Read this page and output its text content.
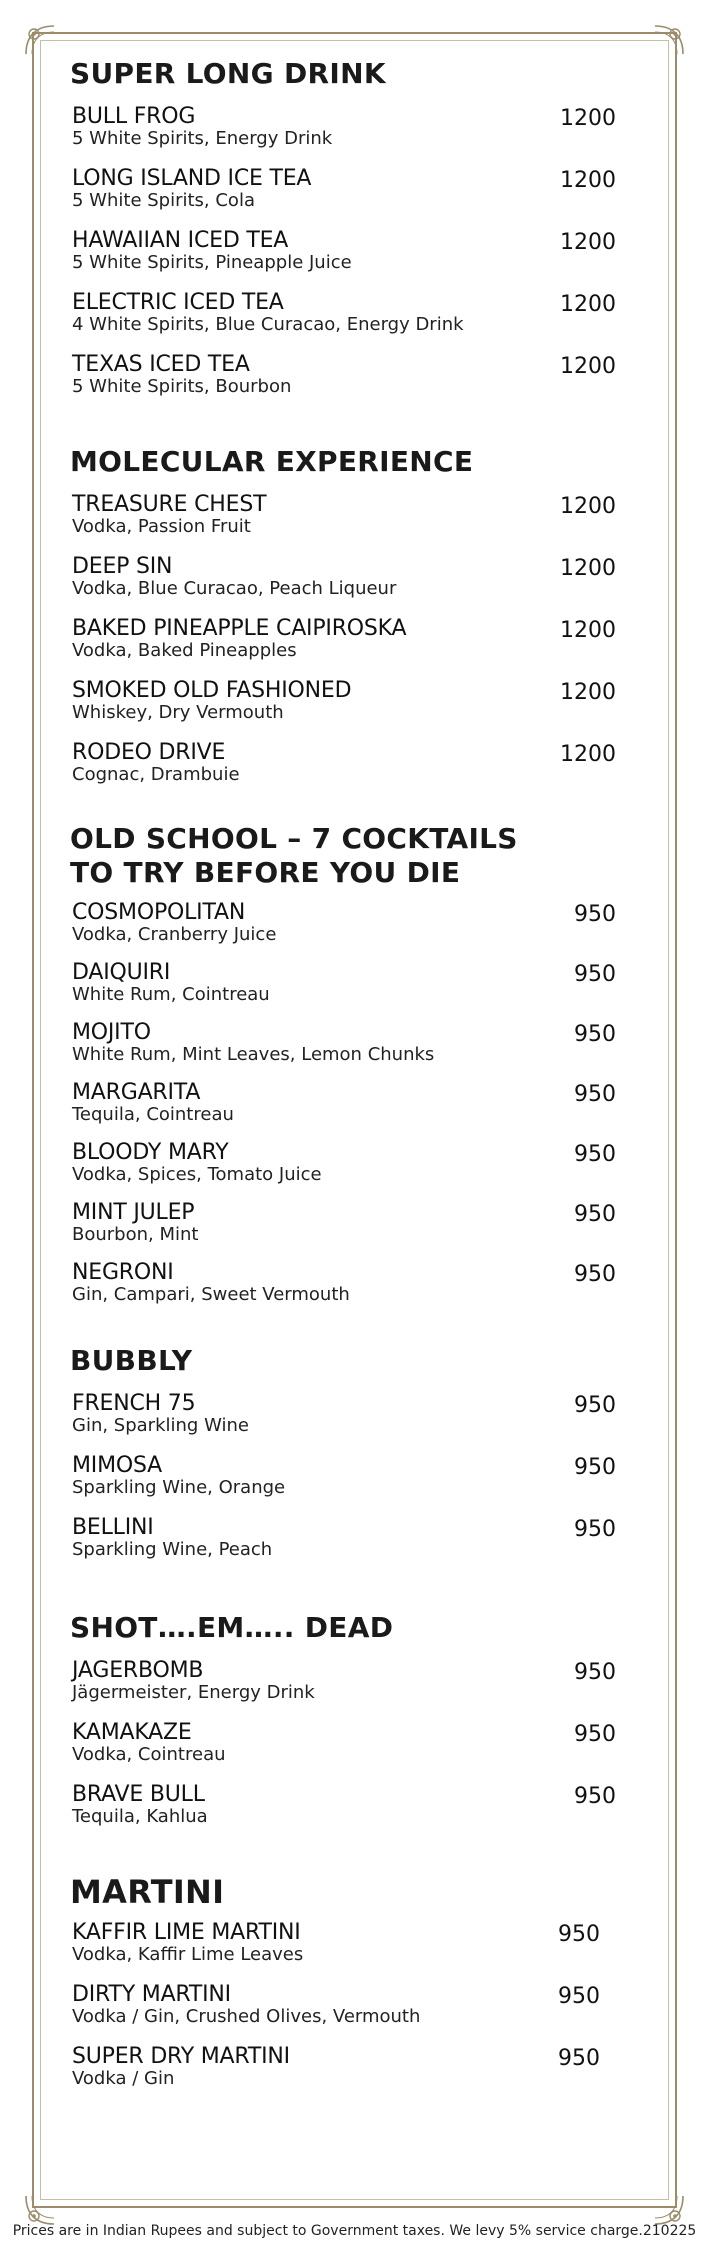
SUPER LONG DRINK
BULL FROG
5 White Spirits, Energy Drink
1200
LONG ISLAND ICE TEA
5 White Spirits, Cola
1200
HAWAIIAN ICED TEA
5 White Spirits, Pineapple Juice
1200
ELECTRIC ICED TEA
4 White Spirits, Blue Curacao, Energy Drink
1200
TEXAS ICED TEA
5 White Spirits, Bourbon
1200
MOLECULAR EXPERIENCE
TREASURE CHEST
Vodka, Passion Fruit
1200
DEEP SIN
Vodka, Blue Curacao, Peach Liqueur
1200
BAKED PINEAPPLE CAIPIROSKA
Vodka, Baked Pineapples
1200
SMOKED OLD FASHIONED
Whiskey, Dry Vermouth
1200
RODEO DRIVE
Cognac, Drambuie
1200
OLD SCHOOL – 7 COCKTAILS
TO TRY BEFORE YOU DIE
COSMOPOLITAN
Vodka, Cranberry Juice
950
DAIQUIRI
White Rum, Cointreau
950
MOJITO
White Rum, Mint Leaves, Lemon Chunks
950
MARGARITA
Tequila, Cointreau
950
BLOODY MARY
Vodka, Spices, Tomato Juice
950
MINT JULEP
Bourbon, Mint
950
NEGRONI
Gin, Campari, Sweet Vermouth
950
BUBBLY
FRENCH 75
Gin, Sparkling Wine
950
MIMOSA
Sparkling Wine, Orange
950
BELLINI
Sparkling Wine, Peach
950
SHOT….EM….. DEAD
JAGERBOMB
Jägermeister, Energy Drink
950
KAMAKAZE
Vodka, Cointreau
950
BRAVE BULL
Tequila, Kahlua
950
MARTINI
KAFFIR LIME MARTINI
Vodka, Kaffir Lime Leaves
950
DIRTY MARTINI
Vodka / Gin, Crushed Olives, Vermouth
950
SUPER DRY MARTINI
Vodka / Gin
950
Prices are in Indian Rupees and subject to Government taxes. We levy 5% service charge.210225
